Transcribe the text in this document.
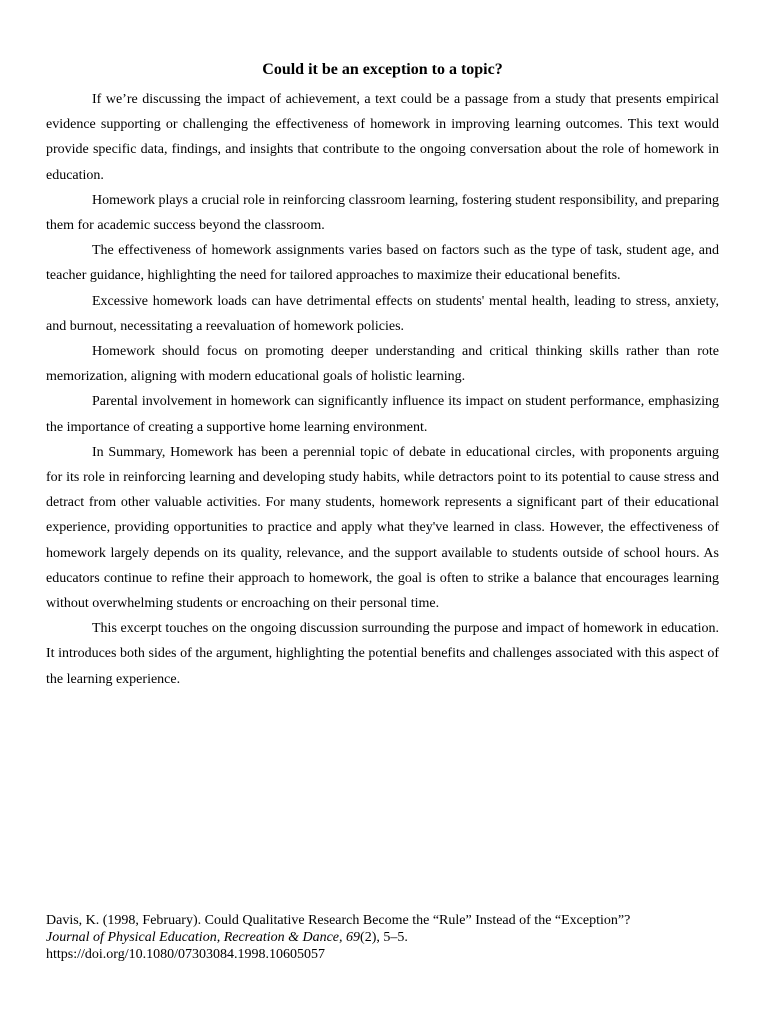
Could it be an exception to a topic?

If we’re discussing the impact of achievement, a text could be a passage from a study that presents empirical evidence supporting or challenging the effectiveness of homework in improving learning outcomes. This text would provide specific data, findings, and insights that contribute to the ongoing conversation about the role of homework in education.

Homework plays a crucial role in reinforcing classroom learning, fostering student responsibility, and preparing them for academic success beyond the classroom.

The effectiveness of homework assignments varies based on factors such as the type of task, student age, and teacher guidance, highlighting the need for tailored approaches to maximize their educational benefits.

Excessive homework loads can have detrimental effects on students' mental health, leading to stress, anxiety, and burnout, necessitating a reevaluation of homework policies.

Homework should focus on promoting deeper understanding and critical thinking skills rather than rote memorization, aligning with modern educational goals of holistic learning.

Parental involvement in homework can significantly influence its impact on student performance, emphasizing the importance of creating a supportive home learning environment.

In Summary, Homework has been a perennial topic of debate in educational circles, with proponents arguing for its role in reinforcing learning and developing study habits, while detractors point to its potential to cause stress and detract from other valuable activities. For many students, homework represents a significant part of their educational experience, providing opportunities to practice and apply what they've learned in class. However, the effectiveness of homework largely depends on its quality, relevance, and the support available to students outside of school hours. As educators continue to refine their approach to homework, the goal is often to strike a balance that encourages learning without overwhelming students or encroaching on their personal time.

This excerpt touches on the ongoing discussion surrounding the purpose and impact of homework in education. It introduces both sides of the argument, highlighting the potential benefits and challenges associated with this aspect of the learning experience.

Davis, K. (1998, February). Could Qualitative Research Become the “Rule” Instead of the “Exception”?
Journal of Physical Education, Recreation & Dance, 69(2), 5–5.
https://doi.org/10.1080/07303084.1998.10605057
